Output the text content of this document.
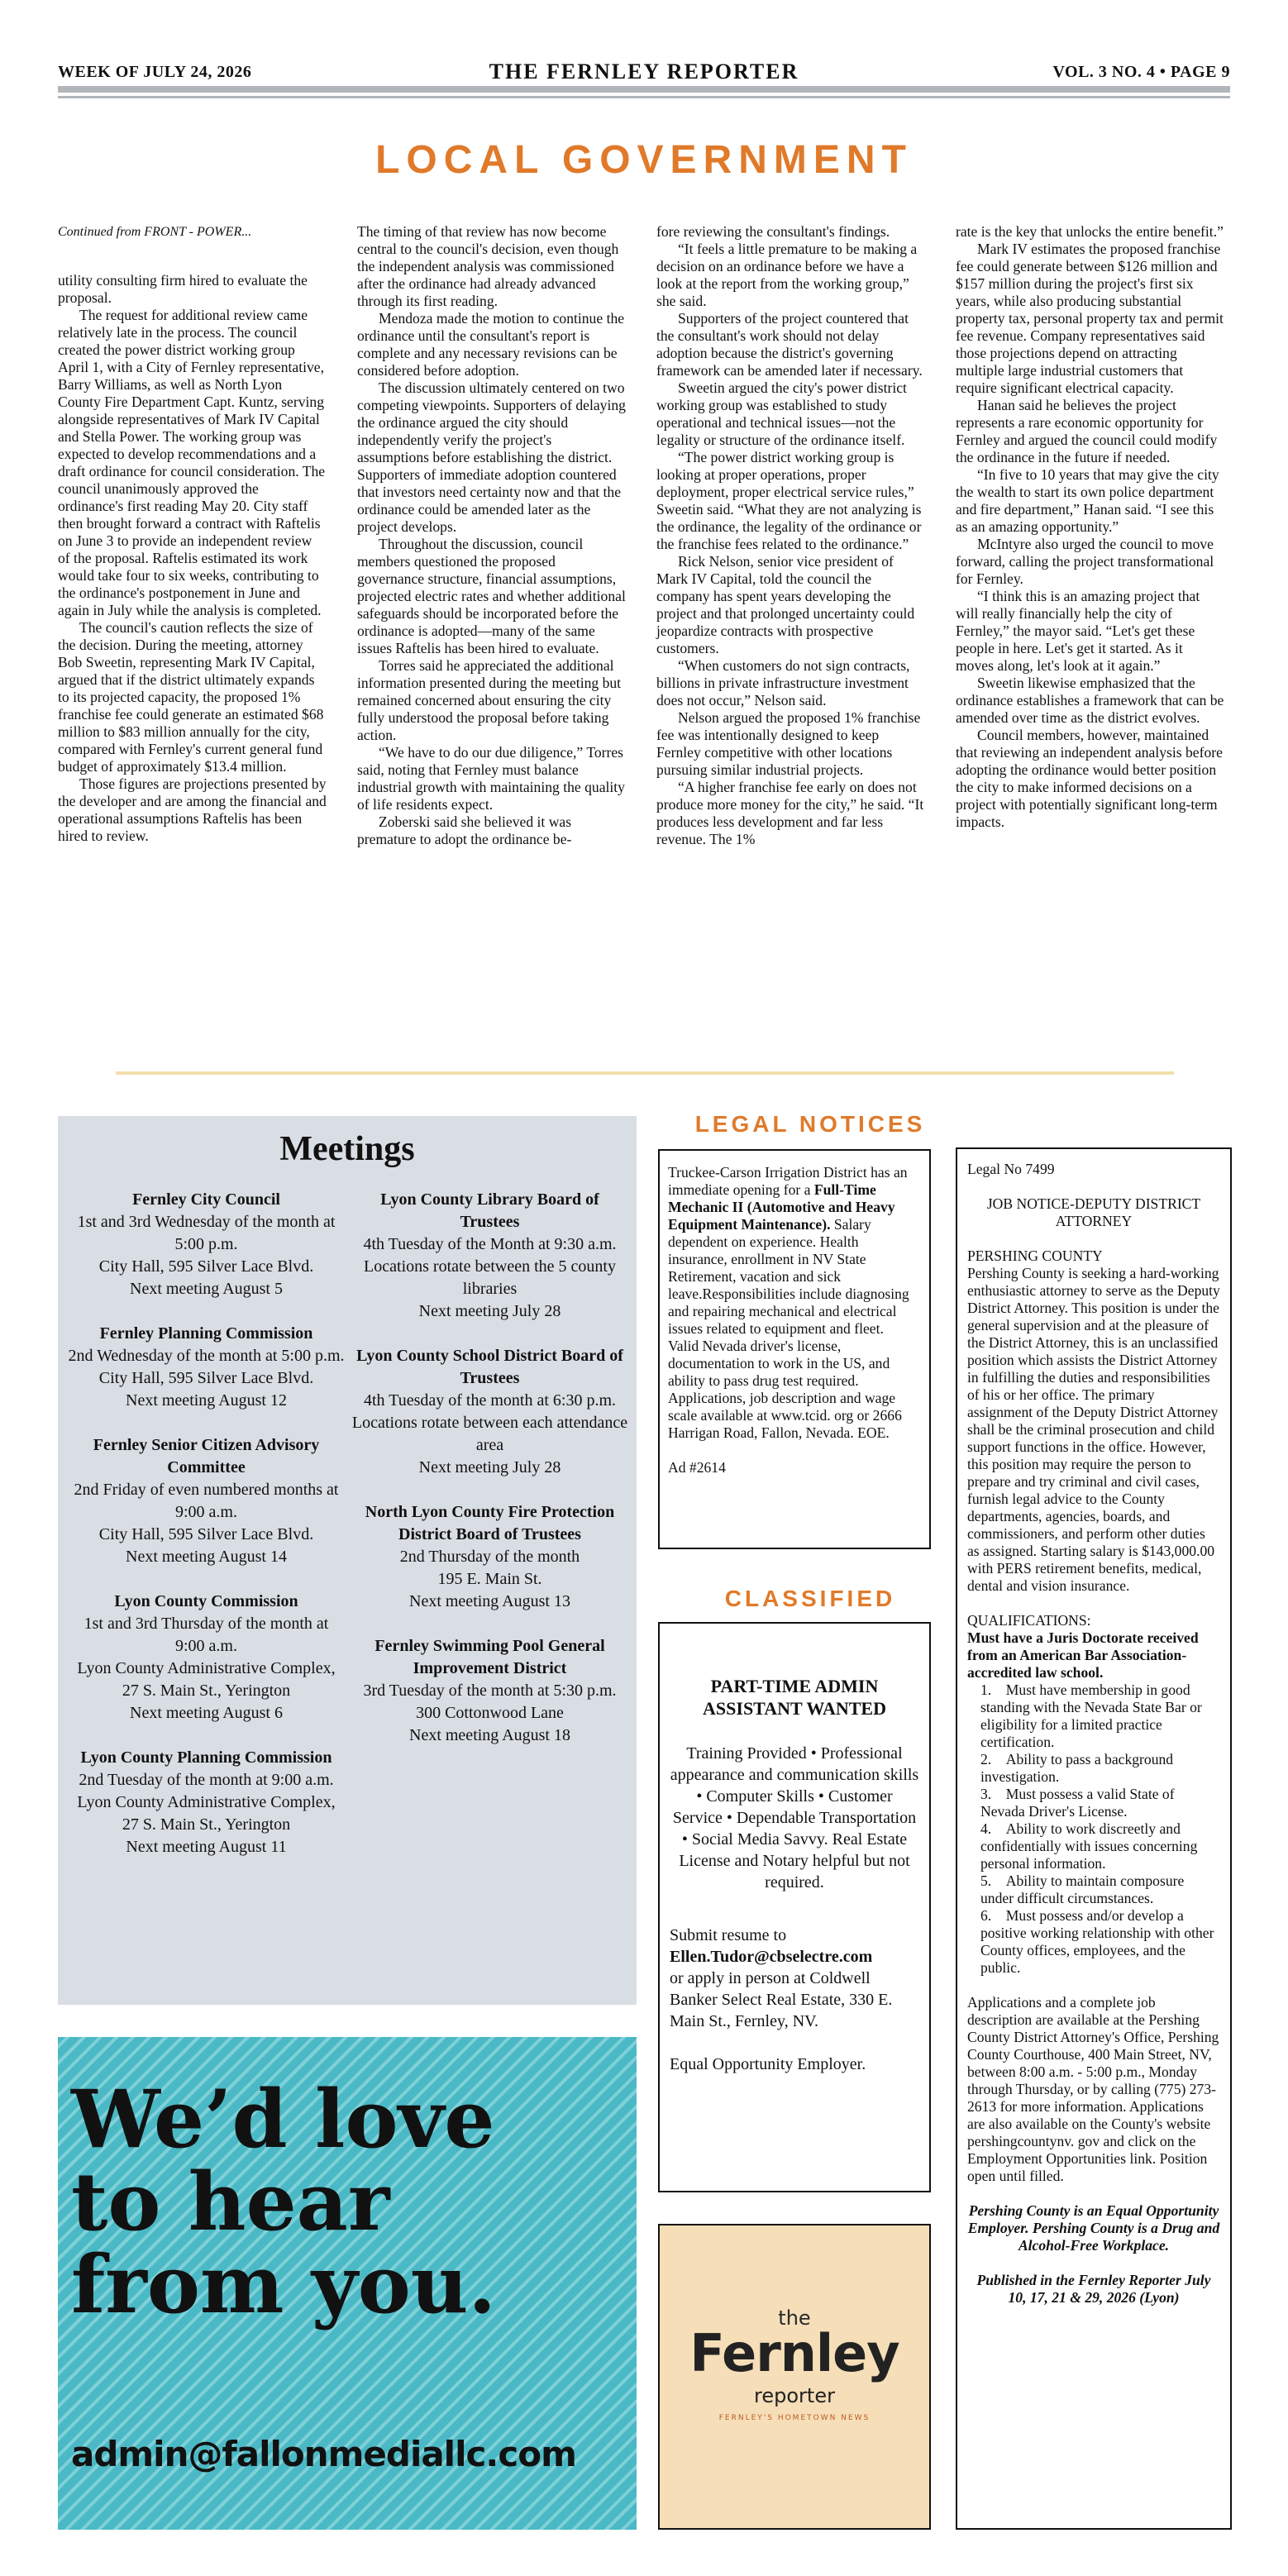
WEEK OF JULY 24, 2026	THE FERNLEY REPORTER	VOL. 3 NO. 4 • PAGE 9
LOCAL GOVERNMENT

Continued from FRONT - POWER...

utility consulting firm hired to evaluate the proposal.

The request for additional review came relatively late in the process. The council created the power district working group April 1, with a City of Fernley representative, Barry Williams, as well as North Lyon County Fire Department Capt. Kuntz, serving alongside representatives of Mark IV Capital and Stella Power. The working group was expected to develop recommendations and a draft ordinance for council consideration. The council unanimously approved the ordinance's first reading May 20. City staff then brought forward a contract with Raftelis on June 3 to provide an independent review of the proposal. Raftelis estimated its work would take four to six weeks, contributing to the ordinance's postponement in June and again in July while the analysis is completed.

The council's caution reflects the size of the decision. During the meeting, attorney Bob Sweetin, representing Mark IV Capital, argued that if the district ultimately expands to its projected capacity, the proposed 1% franchise fee could generate an estimated $68 million to $83 million annually for the city, compared with Fernley's current general fund budget of approximately $13.4 million.

Those figures are projections presented by the developer and are among the financial and operational assumptions Raftelis has been hired to review.

The timing of that review has now become central to the council's decision, even though the independent analysis was commissioned after the ordinance had already advanced through its first reading.

Mendoza made the motion to continue the ordinance until the consultant's report is complete and any necessary revisions can be considered before adoption.

The discussion ultimately centered on two competing viewpoints. Supporters of delaying the ordinance argued the city should independently verify the project's assumptions before establishing the district. Supporters of immediate adoption countered that investors need certainty now and that the ordinance could be amended later as the project develops.

Throughout the discussion, council members questioned the proposed governance structure, financial assumptions, projected electric rates and whether additional safeguards should be incorporated before the ordinance is adopted—many of the same issues Raftelis has been hired to evaluate.

Torres said he appreciated the additional information presented during the meeting but remained concerned about ensuring the city fully understood the proposal before taking action.

“We have to do our due diligence,” Torres said, noting that Fernley must balance industrial growth with maintaining the quality of life residents expect.

Zoberski said she believed it was premature to adopt the ordinance be-

fore reviewing the consultant's findings.

“It feels a little premature to be making a decision on an ordinance before we have a look at the report from the working group,” she said.

Supporters of the project countered that the consultant's work should not delay adoption because the district's governing framework can be amended later if necessary.

Sweetin argued the city's power district working group was established to study operational and technical issues—not the legality or structure of the ordinance itself.

“The power district working group is looking at proper operations, proper deployment, proper electrical service rules,” Sweetin said. “What they are not analyzing is the ordinance, the legality of the ordinance or the franchise fees related to the ordinance.”

Rick Nelson, senior vice president of Mark IV Capital, told the council the company has spent years developing the project and that prolonged uncertainty could jeopardize contracts with prospective customers.

“When customers do not sign contracts, billions in private infrastructure investment does not occur,” Nelson said.

Nelson argued the proposed 1% franchise fee was intentionally designed to keep Fernley competitive with other locations pursuing similar industrial projects.

“A higher franchise fee early on does not produce more money for the city,” he said. “It produces less development and far less revenue. The 1%

rate is the key that unlocks the entire benefit.”

Mark IV estimates the proposed franchise fee could generate between $126 million and $157 million during the project's first six years, while also producing substantial property tax, personal property tax and permit fee revenue. Company representatives said those projections depend on attracting multiple large industrial customers that require significant electrical capacity.

Hanan said he believes the project represents a rare economic opportunity for Fernley and argued the council could modify the ordinance in the future if needed.

“In five to 10 years that may give the city the wealth to start its own police department and fire department,” Hanan said. “I see this as an amazing opportunity.”

McIntyre also urged the council to move forward, calling the project transformational for Fernley.

“I think this is an amazing project that will really financially help the city of Fernley,” the mayor said. “Let's get these people in here. Let's get it started. As it moves along, let's look at it again.”

Sweetin likewise emphasized that the ordinance establishes a framework that can be amended over time as the district evolves.

Council members, however, maintained that reviewing an independent analysis before adopting the ordinance would better position the city to make informed decisions on a project with potentially significant long-term impacts.

Meetings
Fernley City Council
1st and 3rd Wednesday of the month at 5:00 p.m.
City Hall, 595 Silver Lace Blvd.
Next meeting August 5
Fernley Planning Commission
2nd Wednesday of the month at 5:00 p.m.
City Hall, 595 Silver Lace Blvd.
Next meeting August 12
Fernley Senior Citizen Advisory Committee
2nd Friday of even numbered months at 9:00 a.m.
City Hall, 595 Silver Lace Blvd.
Next meeting August 14
Lyon County Commission
1st and 3rd Thursday of the month at 9:00 a.m.
Lyon County Administrative Complex, 27 S. Main St., Yerington
Next meeting August 6
Lyon County Planning Commission
2nd Tuesday of the month at 9:00 a.m.
Lyon County Administrative Complex, 27 S. Main St., Yerington
Next meeting August 11
Lyon County Library Board of Trustees
4th Tuesday of the Month at 9:30 a.m.
Locations rotate between the 5 county libraries
Next meeting July 28
Lyon County School District Board of Trustees
4th Tuesday of the month at 6:30 p.m.
Locations rotate between each attendance area
Next meeting July 28
North Lyon County Fire Protection District Board of Trustees
2nd Thursday of the month
195 E. Main St.
Next meeting August 13
Fernley Swimming Pool General Improvement District
3rd Tuesday of the month at 5:30 p.m.
300 Cottonwood Lane
Next meeting August 18
We’d love
to hear
from you.
admin@fallonmediallc.com
LEGAL NOTICES
Truckee-Carson Irrigation District has an immediate opening for a Full-Time Mechanic II (Automotive and Heavy Equipment Maintenance). Salary dependent on experience. Health insurance, enrollment in NV State Retirement, vacation and sick leave.Responsibilities include diagnosing and repairing mechanical and electrical issues related to equipment and fleet.
Valid Nevada driver's license, documentation to work in the US, and ability to pass drug test required. Applications, job description and wage scale available at www.tcid. org or 2666 Harrigan Road, Fallon, Nevada. EOE.
Ad #2614
CLASSIFIED
PART-TIME ADMIN ASSISTANT WANTED
Training Provided • Professional appearance and communication skills • Computer Skills • Customer Service • Dependable Transportation • Social Media Savvy. Real Estate License and Notary helpful but not required.
Submit resume to
Ellen.Tudor@cbselectre.com
or apply in person at Coldwell Banker Select Real Estate, 330 E. Main St., Fernley, NV.
Equal Opportunity Employer.
the
Fernley
reporter
FERNLEY'S HOMETOWN NEWS
Legal No 7499
JOB NOTICE-DEPUTY DISTRICT ATTORNEY
PERSHING COUNTY
Pershing County is seeking a hard-working enthusiastic attorney to serve as the Deputy District Attorney. This position is under the general supervision and at the pleasure of the District Attorney, this is an unclassified position which assists the District Attorney in fulfilling the duties and responsibilities of his or her office. The primary assignment of the Deputy District Attorney shall be the criminal prosecution and child support functions in the office. However, this position may require the person to prepare and try criminal and civil cases, furnish legal advice to the County departments, agencies, boards, and commissioners, and perform other duties as assigned. Starting salary is $143,000.00 with PERS retirement benefits, medical, dental and vision insurance.
QUALIFICATIONS:
Must have a Juris Doctorate received from an American Bar Association-accredited law school.
1.    Must have membership in good standing with the Nevada State Bar or eligibility for a limited practice certification.
2.    Ability to pass a background investigation.
3.    Must possess a valid State of Nevada Driver's License.
4.    Ability to work discreetly and confidentially with issues concerning personal information.
5.    Ability to maintain composure under difficult circumstances.
6.    Must possess and/or develop a positive working relationship with other County offices, employees, and the public.
Applications and a complete job description are available at the Pershing County District Attorney's Office, Pershing County Courthouse, 400 Main Street, NV, between 8:00 a.m. - 5:00 p.m., Monday through Thursday, or by calling (775) 273-2613 for more information. Applications are also available on the County's website pershingcountynv. gov and click on the Employment Opportunities link. Position open until filled.
Pershing County is an Equal Opportunity Employer. Pershing County is a Drug and Alcohol-Free Workplace.
Published in the Fernley Reporter July 10, 17, 21 & 29, 2026 (Lyon)
